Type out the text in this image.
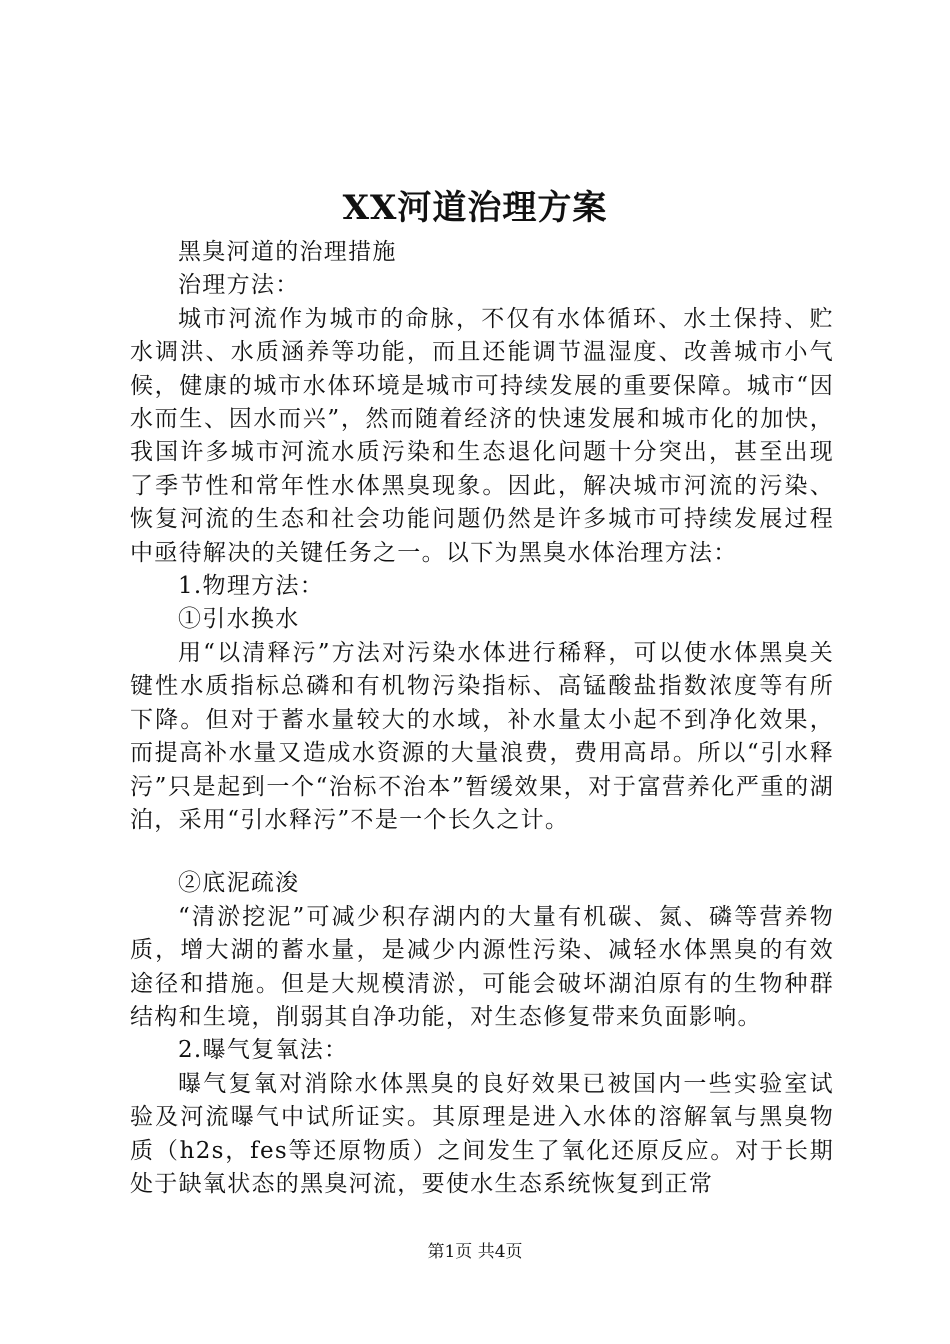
XX河道治理方案

黑臭河道的治理措施

治理方法：

城市河流作为城市的命脉，不仅有水体循环、水土保持、贮水调洪、水质涵养等功能，而且还能调节温湿度、改善城市小气候，健康的城市水体环境是城市可持续发展的重要保障。城市“因水而生、因水而兴”，然而随着经济的快速发展和城市化的加快，我国许多城市河流水质污染和生态退化问题十分突出，甚至出现了季节性和常年性水体黑臭现象。因此，解决城市河流的污染、恢复河流的生态和社会功能问题仍然是许多城市可持续发展过程中亟待解决的关键任务之一。以下为黑臭水体治理方法：

1.物理方法：

①引水换水

用“以清释污”方法对污染水体进行稀释，可以使水体黑臭关键性水质指标总磷和有机物污染指标、高锰酸盐指数浓度等有所下降。但对于蓄水量较大的水域，补水量太小起不到净化效果，而提高补水量又造成水资源的大量浪费，费用高昂。所以“引水释污”只是起到一个“治标不治本”暂缓效果，对于富营养化严重的湖泊，采用“引水释污”不是一个长久之计。

②底泥疏浚

“清淤挖泥”可减少积存湖内的大量有机碳、氮、磷等营养物质，增大湖的蓄水量，是减少内源性污染、减轻水体黑臭的有效途径和措施。但是大规模清淤，可能会破坏湖泊原有的生物种群结构和生境，削弱其自净功能，对生态修复带来负面影响。

2.曝气复氧法：

曝气复氧对消除水体黑臭的良好效果已被国内一些实验室试验及河流曝气中试所证实。其原理是进入水体的溶解氧与黑臭物质（h2s，fes等还原物质）之间发生了氧化还原反应。对于长期处于缺氧状态的黑臭河流，要使水生态系统恢复到正常

第1页 共4页
